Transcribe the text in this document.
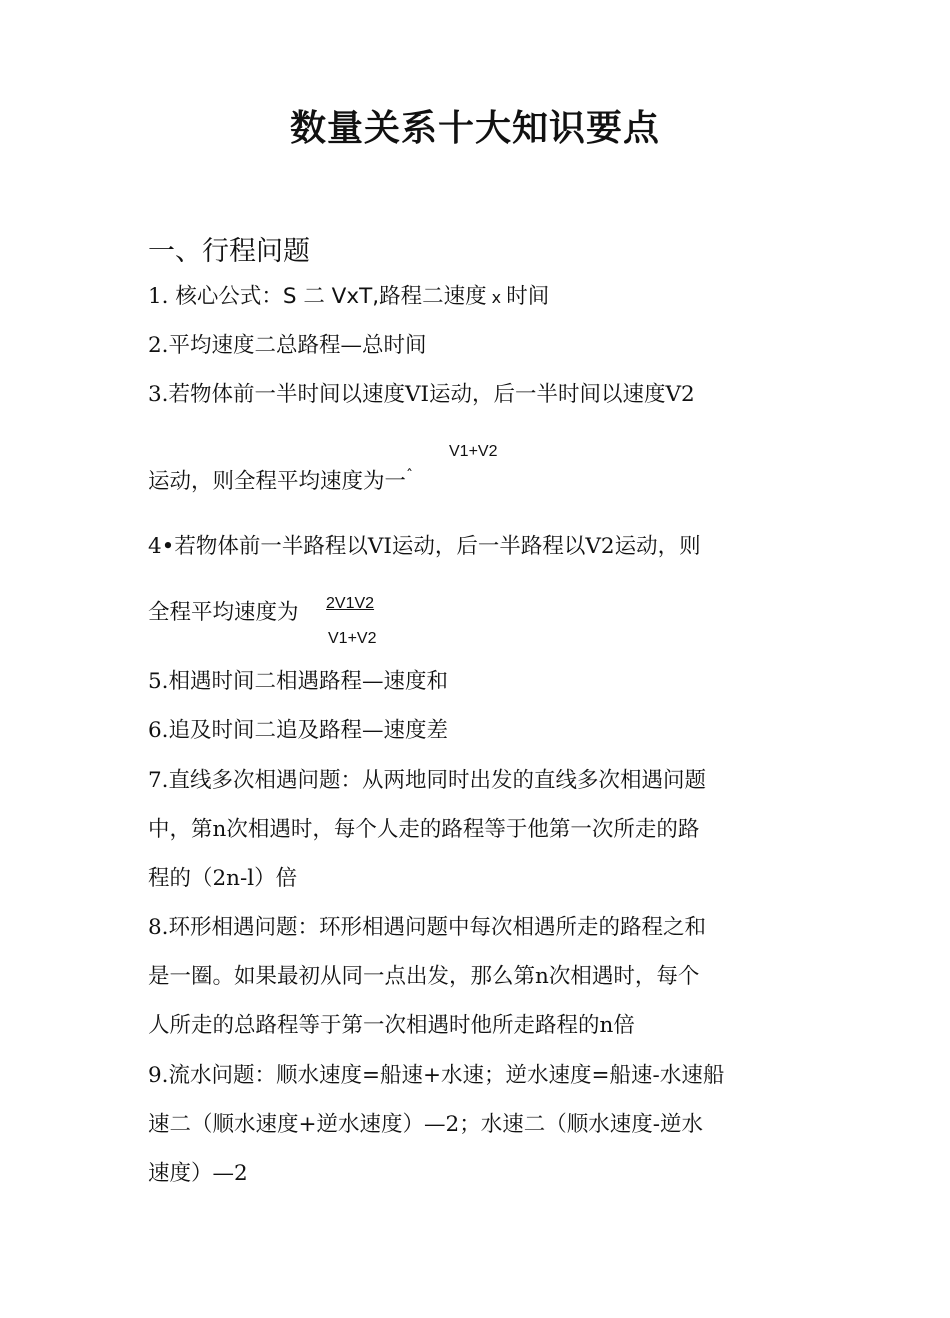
数量关系十大知识要点
一、行程问题
1. 核心公式：S 二 VxT,路程二速度 x 时间
2.平均速度二总路程—总时间
3.若物体前一半时间以速度VI运动，后一半时间以速度V2
V1+V2
运动，则全程平均速度为一$^ˆ$
4•若物体前一半路程以VI运动，后一半路程以V2运动，则
全程平均速度为 2V1V2
V1+V2
5.相遇时间二相遇路程—速度和
6.追及时间二追及路程—速度差
7.直线多次相遇问题：从两地同时出发的直线多次相遇问题
中，第n次相遇时，每个人走的路程等于他第一次所走的路
程的（2n-l）倍
8.环形相遇问题：环形相遇问题中每次相遇所走的路程之和
是一圈。如果最初从同一点出发，那么第n次相遇时，每个
人所走的总路程等于第一次相遇时他所走路程的n倍
9.流水问题：顺水速度=船速+水速；逆水速度=船速-水速船
速二（顺水速度+逆水速度）—2；水速二（顺水速度-逆水
速度）—2
